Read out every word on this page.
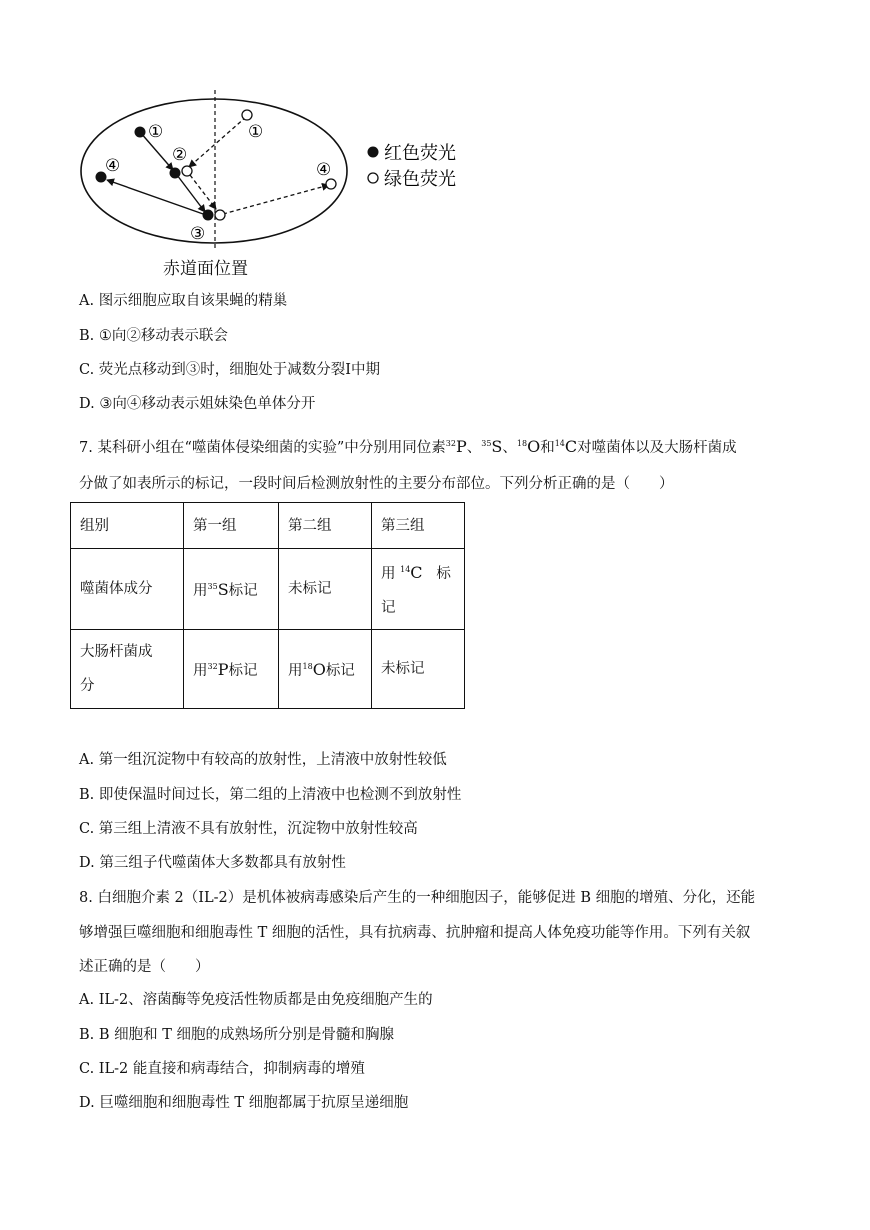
①
②
③
④
①
④
红色荧光
绿色荧光
赤道面位置
A. 图示细胞应取自该果蝇的精巢
B. ①向②移动表示联会
C. 荧光点移动到③时，细胞处于减数分裂I中期
D. ③向④移动表示姐妹染色单体分开
7. 某科研小组在“噬菌体侵染细菌的实验”中分别用同位素$^{32}$P、$^{35}$S、$^{18}$O和$^{14}$C对噬菌体以及大肠杆菌成
分做了如表所示的标记，一段时间后检测放射性的主要分布部位。下列分析正确的是（　　）
组别	第一组	第二组	第三组
噬菌体成分	用$^{35}$S标记	未标记	用 $^{14}$C 标
记

大肠杆菌成
分	用$^{32}$P标记	用$^{18}$O标记	未标记
A. 第一组沉淀物中有较高的放射性，上清液中放射性较低
B. 即使保温时间过长，第二组的上清液中也检测不到放射性
C. 第三组上清液不具有放射性，沉淀物中放射性较高
D. 第三组子代噬菌体大多数都具有放射性
8. 白细胞介素 2（IL-2）是机体被病毒感染后产生的一种细胞因子，能够促进 B 细胞的增殖、分化，还能
够增强巨噬细胞和细胞毒性 T 细胞的活性，具有抗病毒、抗肿瘤和提高人体免疫功能等作用。下列有关叙
述正确的是（　　）
A. IL-2、溶菌酶等免疫活性物质都是由免疫细胞产生的
B. B 细胞和 T 细胞的成熟场所分别是骨髓和胸腺
C. IL-2 能直接和病毒结合，抑制病毒的增殖
D. 巨噬细胞和细胞毒性 T 细胞都属于抗原呈递细胞
